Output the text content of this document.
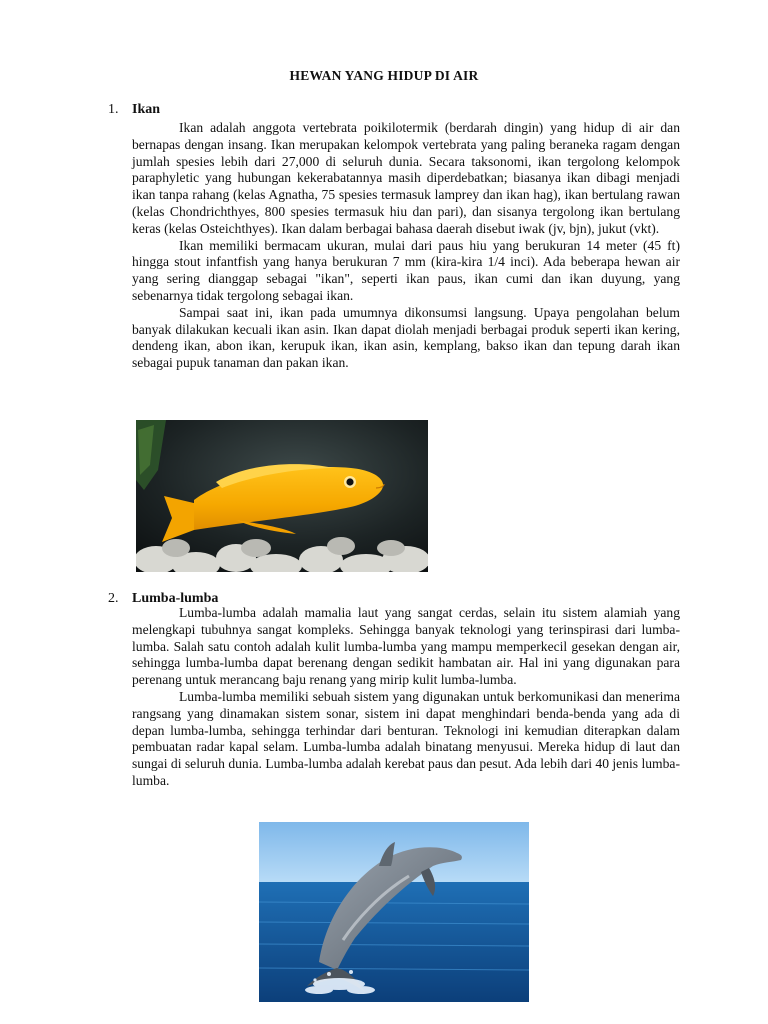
HEWAN YANG HIDUP DI AIR
1. Ikan

Ikan adalah anggota vertebrata poikilotermik (berdarah dingin) yang hidup di air dan bernapas dengan insang. Ikan merupakan kelompok vertebrata yang paling beraneka ragam dengan jumlah spesies lebih dari 27,000 di seluruh dunia. Secara taksonomi, ikan tergolong kelompok paraphyletic yang hubungan kekerabatannya masih diperdebatkan; biasanya ikan dibagi menjadi ikan tanpa rahang (kelas Agnatha, 75 spesies termasuk lamprey dan ikan hag), ikan bertulang rawan (kelas Chondrichthyes, 800 spesies termasuk hiu dan pari), dan sisanya tergolong ikan bertulang keras (kelas Osteichthyes). Ikan dalam berbagai bahasa daerah disebut iwak (jv, bjn), jukut (vkt).

Ikan memiliki bermacam ukuran, mulai dari paus hiu yang berukuran 14 meter (45 ft) hingga stout infantfish yang hanya berukuran 7 mm (kira-kira 1/4 inci). Ada beberapa hewan air yang sering dianggap sebagai "ikan", seperti ikan paus, ikan cumi dan ikan duyung, yang sebenarnya tidak tergolong sebagai ikan.

Sampai saat ini, ikan pada umumnya dikonsumsi langsung. Upaya pengolahan belum banyak dilakukan kecuali ikan asin. Ikan dapat diolah menjadi berbagai produk seperti ikan kering, dendeng ikan, abon ikan, kerupuk ikan, ikan asin, kemplang, bakso ikan dan tepung darah ikan sebagai pupuk tanaman dan pakan ikan.

2. Lumba-lumba

Lumba-lumba adalah mamalia laut yang sangat cerdas, selain itu sistem alamiah yang melengkapi tubuhnya sangat kompleks. Sehingga banyak teknologi yang terinspirasi dari lumba-lumba. Salah satu contoh adalah kulit lumba-lumba yang mampu memperkecil gesekan dengan air, sehingga lumba-lumba dapat berenang dengan sedikit hambatan air. Hal ini yang digunakan para perenang untuk merancang baju renang yang mirip kulit lumba-lumba.

Lumba-lumba memiliki sebuah sistem yang digunakan untuk berkomunikasi dan menerima rangsang yang dinamakan sistem sonar, sistem ini dapat menghindari benda-benda yang ada di depan lumba-lumba, sehingga terhindar dari benturan. Teknologi ini kemudian diterapkan dalam pembuatan radar kapal selam. Lumba-lumba adalah binatang menyusui. Mereka hidup di laut dan sungai di seluruh dunia. Lumba-lumba adalah kerebat paus dan pesut. Ada lebih dari 40 jenis lumba-lumba.
